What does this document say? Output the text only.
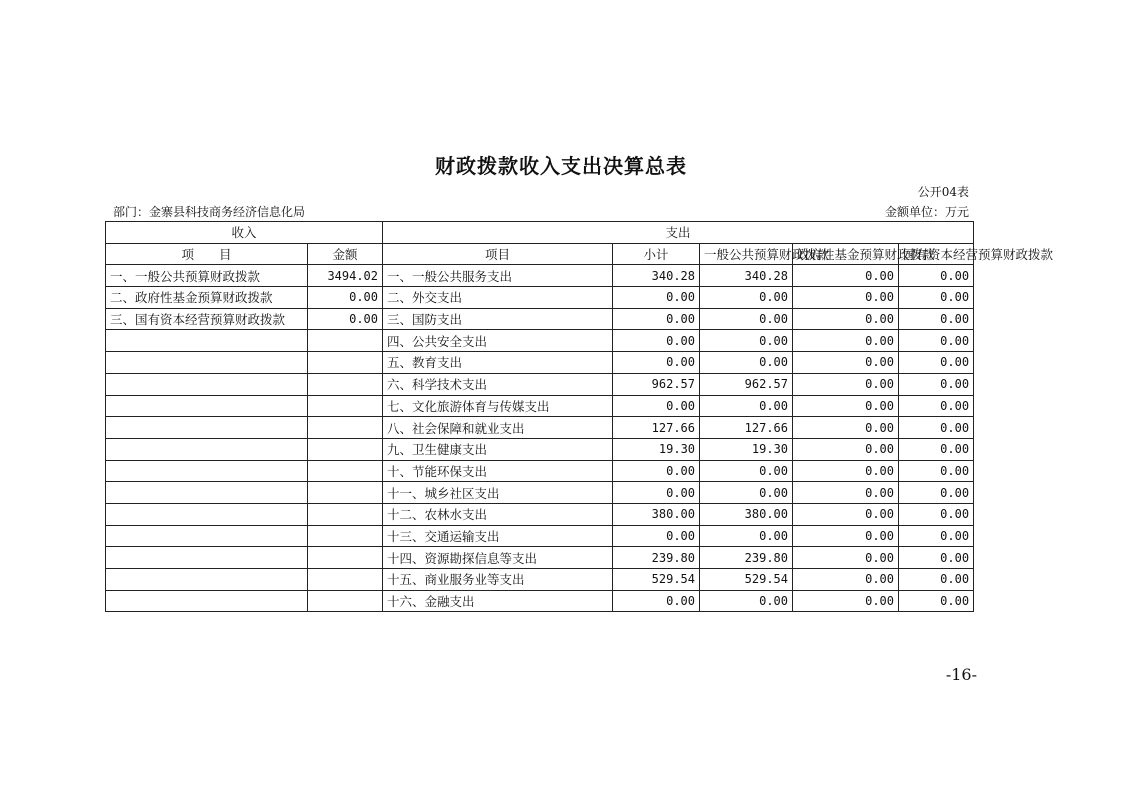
财政拨款收入支出决算总表
公开04表
部门：金寨县科技商务经济信息化局	金额单位：万元
收入		支出				
项　　目	金额	项目	小计	一般公共预算财政拨款	政府性基金预算财政拨款	国有资本经营预算财政拨款
一、一般公共预算财政拨款	3494.02	一、一般公共服务支出	340.28	340.28	0.00	0.00
二、政府性基金预算财政拨款	0.00	二、外交支出	0.00	0.00	0.00	0.00
三、国有资本经营预算财政拨款	0.00	三、国防支出	0.00	0.00	0.00	0.00
		四、公共安全支出	0.00	0.00	0.00	0.00
		五、教育支出	0.00	0.00	0.00	0.00
		六、科学技术支出	962.57	962.57	0.00	0.00
		七、文化旅游体育与传媒支出	0.00	0.00	0.00	0.00
		八、社会保障和就业支出	127.66	127.66	0.00	0.00
		九、卫生健康支出	19.30	19.30	0.00	0.00
		十、节能环保支出	0.00	0.00	0.00	0.00
		十一、城乡社区支出	0.00	0.00	0.00	0.00
		十二、农林水支出	380.00	380.00	0.00	0.00
		十三、交通运输支出	0.00	0.00	0.00	0.00
		十四、资源勘探信息等支出	239.80	239.80	0.00	0.00
		十五、商业服务业等支出	529.54	529.54	0.00	0.00
		十六、金融支出	0.00	0.00	0.00	0.00
-16-
